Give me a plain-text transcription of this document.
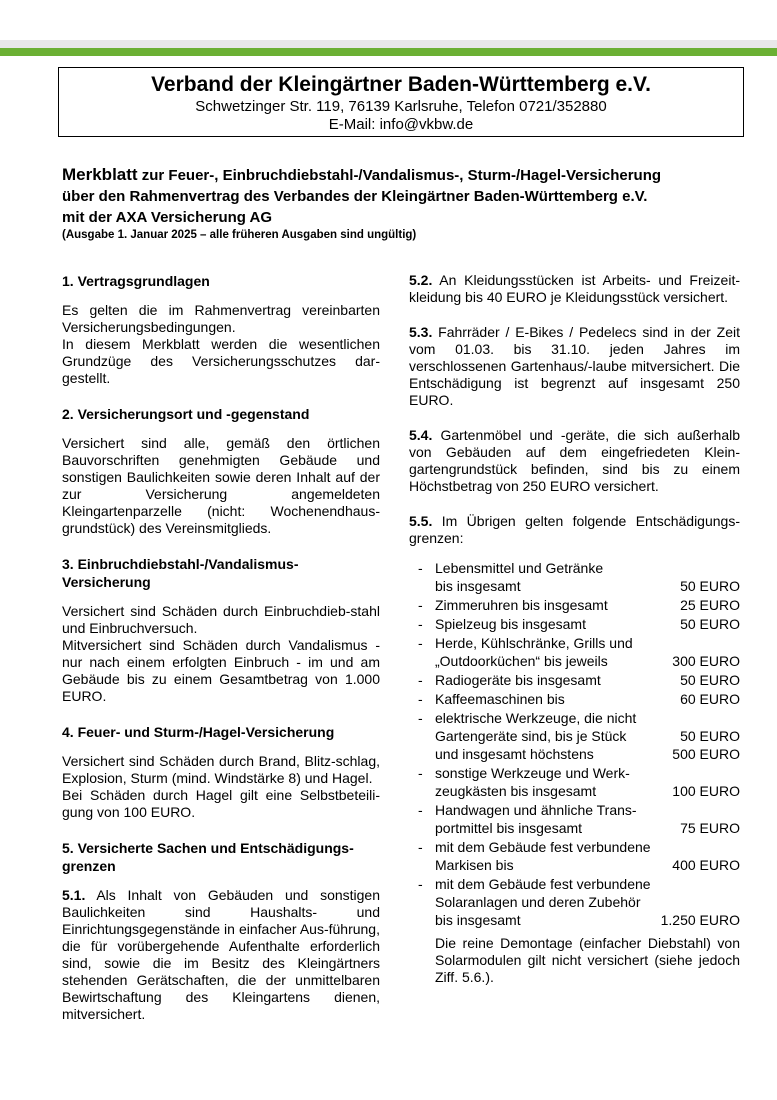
Verband der Kleingärtner Baden-Württemberg e.V.
Schwetzinger Str. 119, 76139 Karlsruhe, Telefon 0721/352880
E-Mail: info@vkbw.de
Merkblatt zur Feuer-, Einbruchdiebstahl-/Vandalismus-, Sturm-/Hagel-Versicherung
über den Rahmenvertrag des Verbandes der Kleingärtner Baden-Württemberg e.V.
mit der AXA Versicherung AG
(Ausgabe 1. Januar 2025 – alle früheren Ausgaben sind ungültig)
1. Vertragsgrundlagen
Es gelten die im Rahmenvertrag vereinbarten Versicherungsbedingungen.
In diesem Merkblatt werden die wesentlichen Grundzüge des Versicherungsschutzes dar-gestellt.
2. Versicherungsort und -gegenstand
Versichert sind alle, gemäß den örtlichen Bauvorschriften genehmigten Gebäude und sonstigen Baulichkeiten sowie deren Inhalt auf der zur Versicherung angemeldeten Kleingartenparzelle (nicht: Wochenendhaus-grundstück) des Vereinsmitglieds.
3. Einbruchdiebstahl-/Vandalismus-Versicherung
Versichert sind Schäden durch Einbruchdieb-stahl und Einbruchversuch.
Mitversichert sind Schäden durch Vandalismus - nur nach einem erfolgten Einbruch - im und am Gebäude bis zu einem Gesamtbetrag von 1.000 EURO.
4. Feuer- und Sturm-/Hagel-Versicherung
Versichert sind Schäden durch Brand, Blitz-schlag, Explosion, Sturm (mind. Windstärke 8) und Hagel.
Bei Schäden durch Hagel gilt eine Selbstbeteili-gung von 100 EURO.
5. Versicherte Sachen und Entschädigungs-grenzen
5.1. Als Inhalt von Gebäuden und sonstigen Baulichkeiten sind Haushalts- und Einrichtungsgegenstände in einfacher Aus-führung, die für vorübergehende Aufenthalte erforderlich sind, sowie die im Besitz des Kleingärtners stehenden Gerätschaften, die der unmittelbaren Bewirtschaftung des Kleingartens dienen, mitversichert.

5.2. An Kleidungsstücken ist Arbeits- und Freizeit-kleidung bis 40 EURO je Kleidungsstück versichert.

5.3. Fahrräder / E-Bikes / Pedelecs sind in der Zeit vom 01.03. bis 31.10. jeden Jahres im verschlossenen Gartenhaus/-laube mitversichert. Die Entschädigung ist begrenzt auf insgesamt 250 EURO.

5.4. Gartenmöbel und -geräte, die sich außerhalb von Gebäuden auf dem eingefriedeten Klein-gartengrundstück befinden, sind bis zu einem Höchstbetrag von 250 EURO versichert.

5.5. Im Übrigen gelten folgende Entschädigungs-grenzen:

- Lebensmittel und Getränke
bis insgesamt	50 EURO
- Zimmeruhren bis insgesamt	25 EURO
- Spielzeug bis insgesamt	50 EURO
- Herde, Kühlschränke, Grills und
„Outdoorküchen“ bis jeweils	300 EURO
- Radiogeräte bis insgesamt	50 EURO
- Kaffeemaschinen bis	60 EURO
- elektrische Werkzeuge, die nicht
Gartengeräte sind, bis je Stück	50 EURO
und insgesamt höchstens	500 EURO
- sonstige Werkzeuge und Werk-
zeugkästen bis insgesamt	100 EURO
- Handwagen und ähnliche Trans-
portmittel bis insgesamt	75 EURO
- mit dem Gebäude fest verbundene
Markisen bis	400 EURO
- mit dem Gebäude fest verbundene
Solaranlagen und deren Zubehör
bis insgesamt	1.250 EURO
Die reine Demontage (einfacher Diebstahl) von Solarmodulen gilt nicht versichert (siehe jedoch Ziff. 5.6.).
